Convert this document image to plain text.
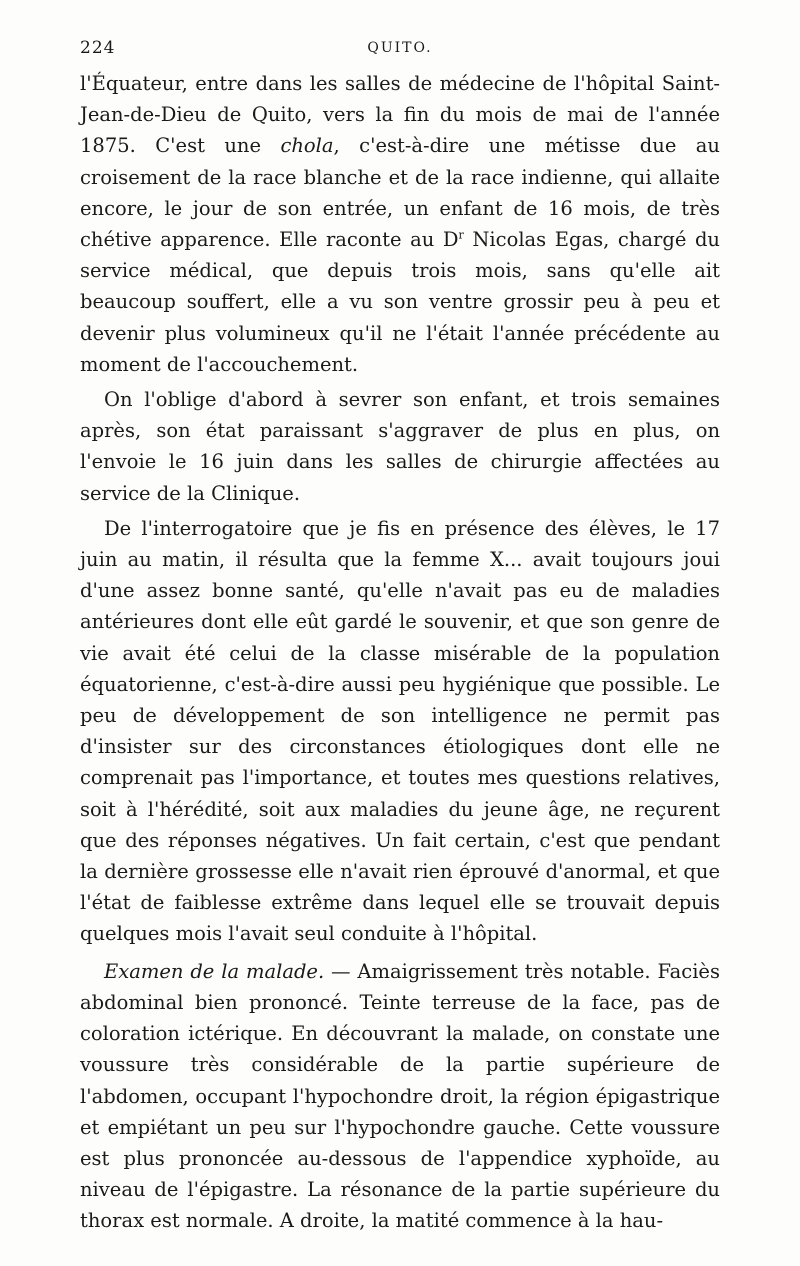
224	QUITO.

l'Équateur, entre dans les salles de médecine de l'hôpital Saint-Jean-de-Dieu de Quito, vers la fin du mois de mai de l'année 1875. C'est une chola, c'est-à-dire une métisse due au croisement de la race blanche et de la race indienne, qui allaite encore, le jour de son entrée, un enfant de 16 mois, de très chétive apparence. Elle raconte au $D^r$ Nicolas Egas, chargé du service médical, que depuis trois mois, sans qu'elle ait beaucoup souffert, elle a vu son ventre grossir peu à peu et devenir plus volumineux qu'il ne l'était l'année précédente au moment de l'accouchement.

On l'oblige d'abord à sevrer son enfant, et trois semaines après, son état paraissant s'aggraver de plus en plus, on l'envoie le 16 juin dans les salles de chirurgie affectées au service de la Clinique.

De l'interrogatoire que je fis en présence des élèves, le 17 juin au matin, il résulta que la femme X... avait toujours joui d'une assez bonne santé, qu'elle n'avait pas eu de maladies antérieures dont elle eût gardé le souvenir, et que son genre de vie avait été celui de la classe misérable de la population équatorienne, c'est-à-dire aussi peu hygiénique que possible. Le peu de développement de son intelligence ne permit pas d'insister sur des circonstances étiologiques dont elle ne comprenait pas l'importance, et toutes mes questions relatives, soit à l'hérédité, soit aux maladies du jeune âge, ne reçurent que des réponses négatives. Un fait certain, c'est que pendant la dernière grossesse elle n'avait rien éprouvé d'anormal, et que l'état de faiblesse extrême dans lequel elle se trouvait depuis quelques mois l'avait seul conduite à l'hôpital.

Examen de la malade. — Amaigrissement très notable. Faciès abdominal bien prononcé. Teinte terreuse de la face, pas de coloration ictérique. En découvrant la malade, on constate une voussure très considérable de la partie supérieure de l'abdomen, occupant l'hypochondre droit, la région épigastrique et empiétant un peu sur l'hypochondre gauche. Cette voussure est plus prononcée au-dessous de l'appendice xyphoïde, au niveau de l'épigastre. La résonance de la partie supérieure du thorax est normale. A droite, la matité commence à la hau-
